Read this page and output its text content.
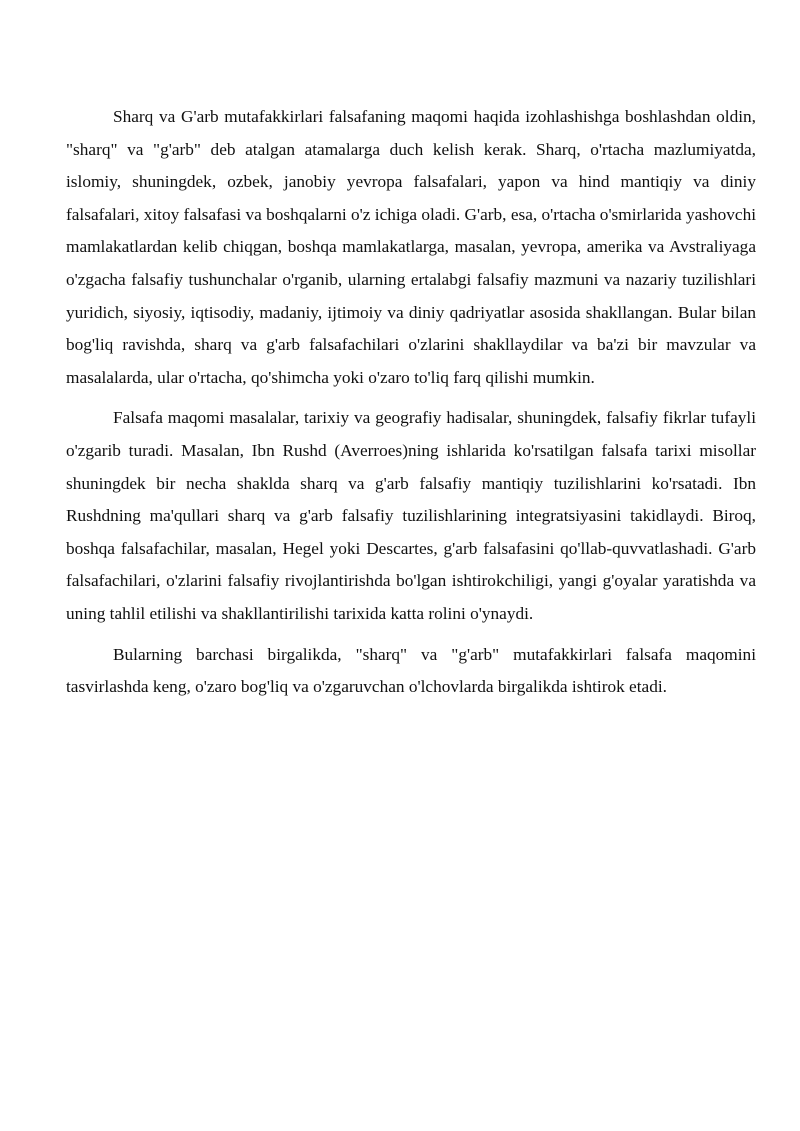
Sharq va G'arb mutafakkirlari falsafaning maqomi haqida izohlashishga boshlashdan oldin, "sharq" va "g'arb" deb atalgan atamalarga duch kelish kerak. Sharq, o'rtacha mazlumiyatda, islomiy, shuningdek, ozbek, janobiy yevropa falsafalari, yapon va hind mantiqiy va diniy falsafalari, xitoy falsafasi va boshqalarni o'z ichiga oladi. G'arb, esa, o'rtacha o'smirlarida yashovchi mamlakatlardan kelib chiqgan, boshqa mamlakatlarga, masalan, yevropa, amerika va Avstraliyaga o'zgacha falsafiy tushunchalar o'rganib, ularning ertalabgi falsafiy mazmuni va nazariy tuzilishlari yuridich, siyosiy, iqtisodiy, madaniy, ijtimoiy va diniy qadriyatlar asosida shakllangan. Bular bilan bog'liq ravishda, sharq va g'arb falsafachilari o'zlarini shakllaydilar va ba'zi bir mavzular va masalalarda, ular o'rtacha, qo'shimcha yoki o'zaro to'liq farq qilishi mumkin.

Falsafa maqomi masalalar, tarixiy va geografiy hadisalar, shuningdek, falsafiy fikrlar tufayli o'zgarib turadi. Masalan, Ibn Rushd (Averroes)ning ishlarida ko'rsatilgan falsafa tarixi misollar shuningdek bir necha shaklda sharq va g'arb falsafiy mantiqiy tuzilishlarini ko'rsatadi. Ibn Rushdning ma'qullari sharq va g'arb falsafiy tuzilishlarining integratsiyasini takidlaydi. Biroq, boshqa falsafachilar, masalan, Hegel yoki Descartes, g'arb falsafasini qo'llab-quvvatlashadi. G'arb falsafachilari, o'zlarini falsafiy rivojlantirishda bo'lgan ishtirokchiligi, yangi g'oyalar yaratishda va uning tahlil etilishi va shakllantirilishi tarixida katta rolini o'ynaydi.

Bularning barchasi birgalikda, "sharq" va "g'arb" mutafakkirlari falsafa maqomini tasvirlashda keng, o'zaro bog'liq va o'zgaruvchan o'lchovlarda birgalikda ishtirok etadi.
